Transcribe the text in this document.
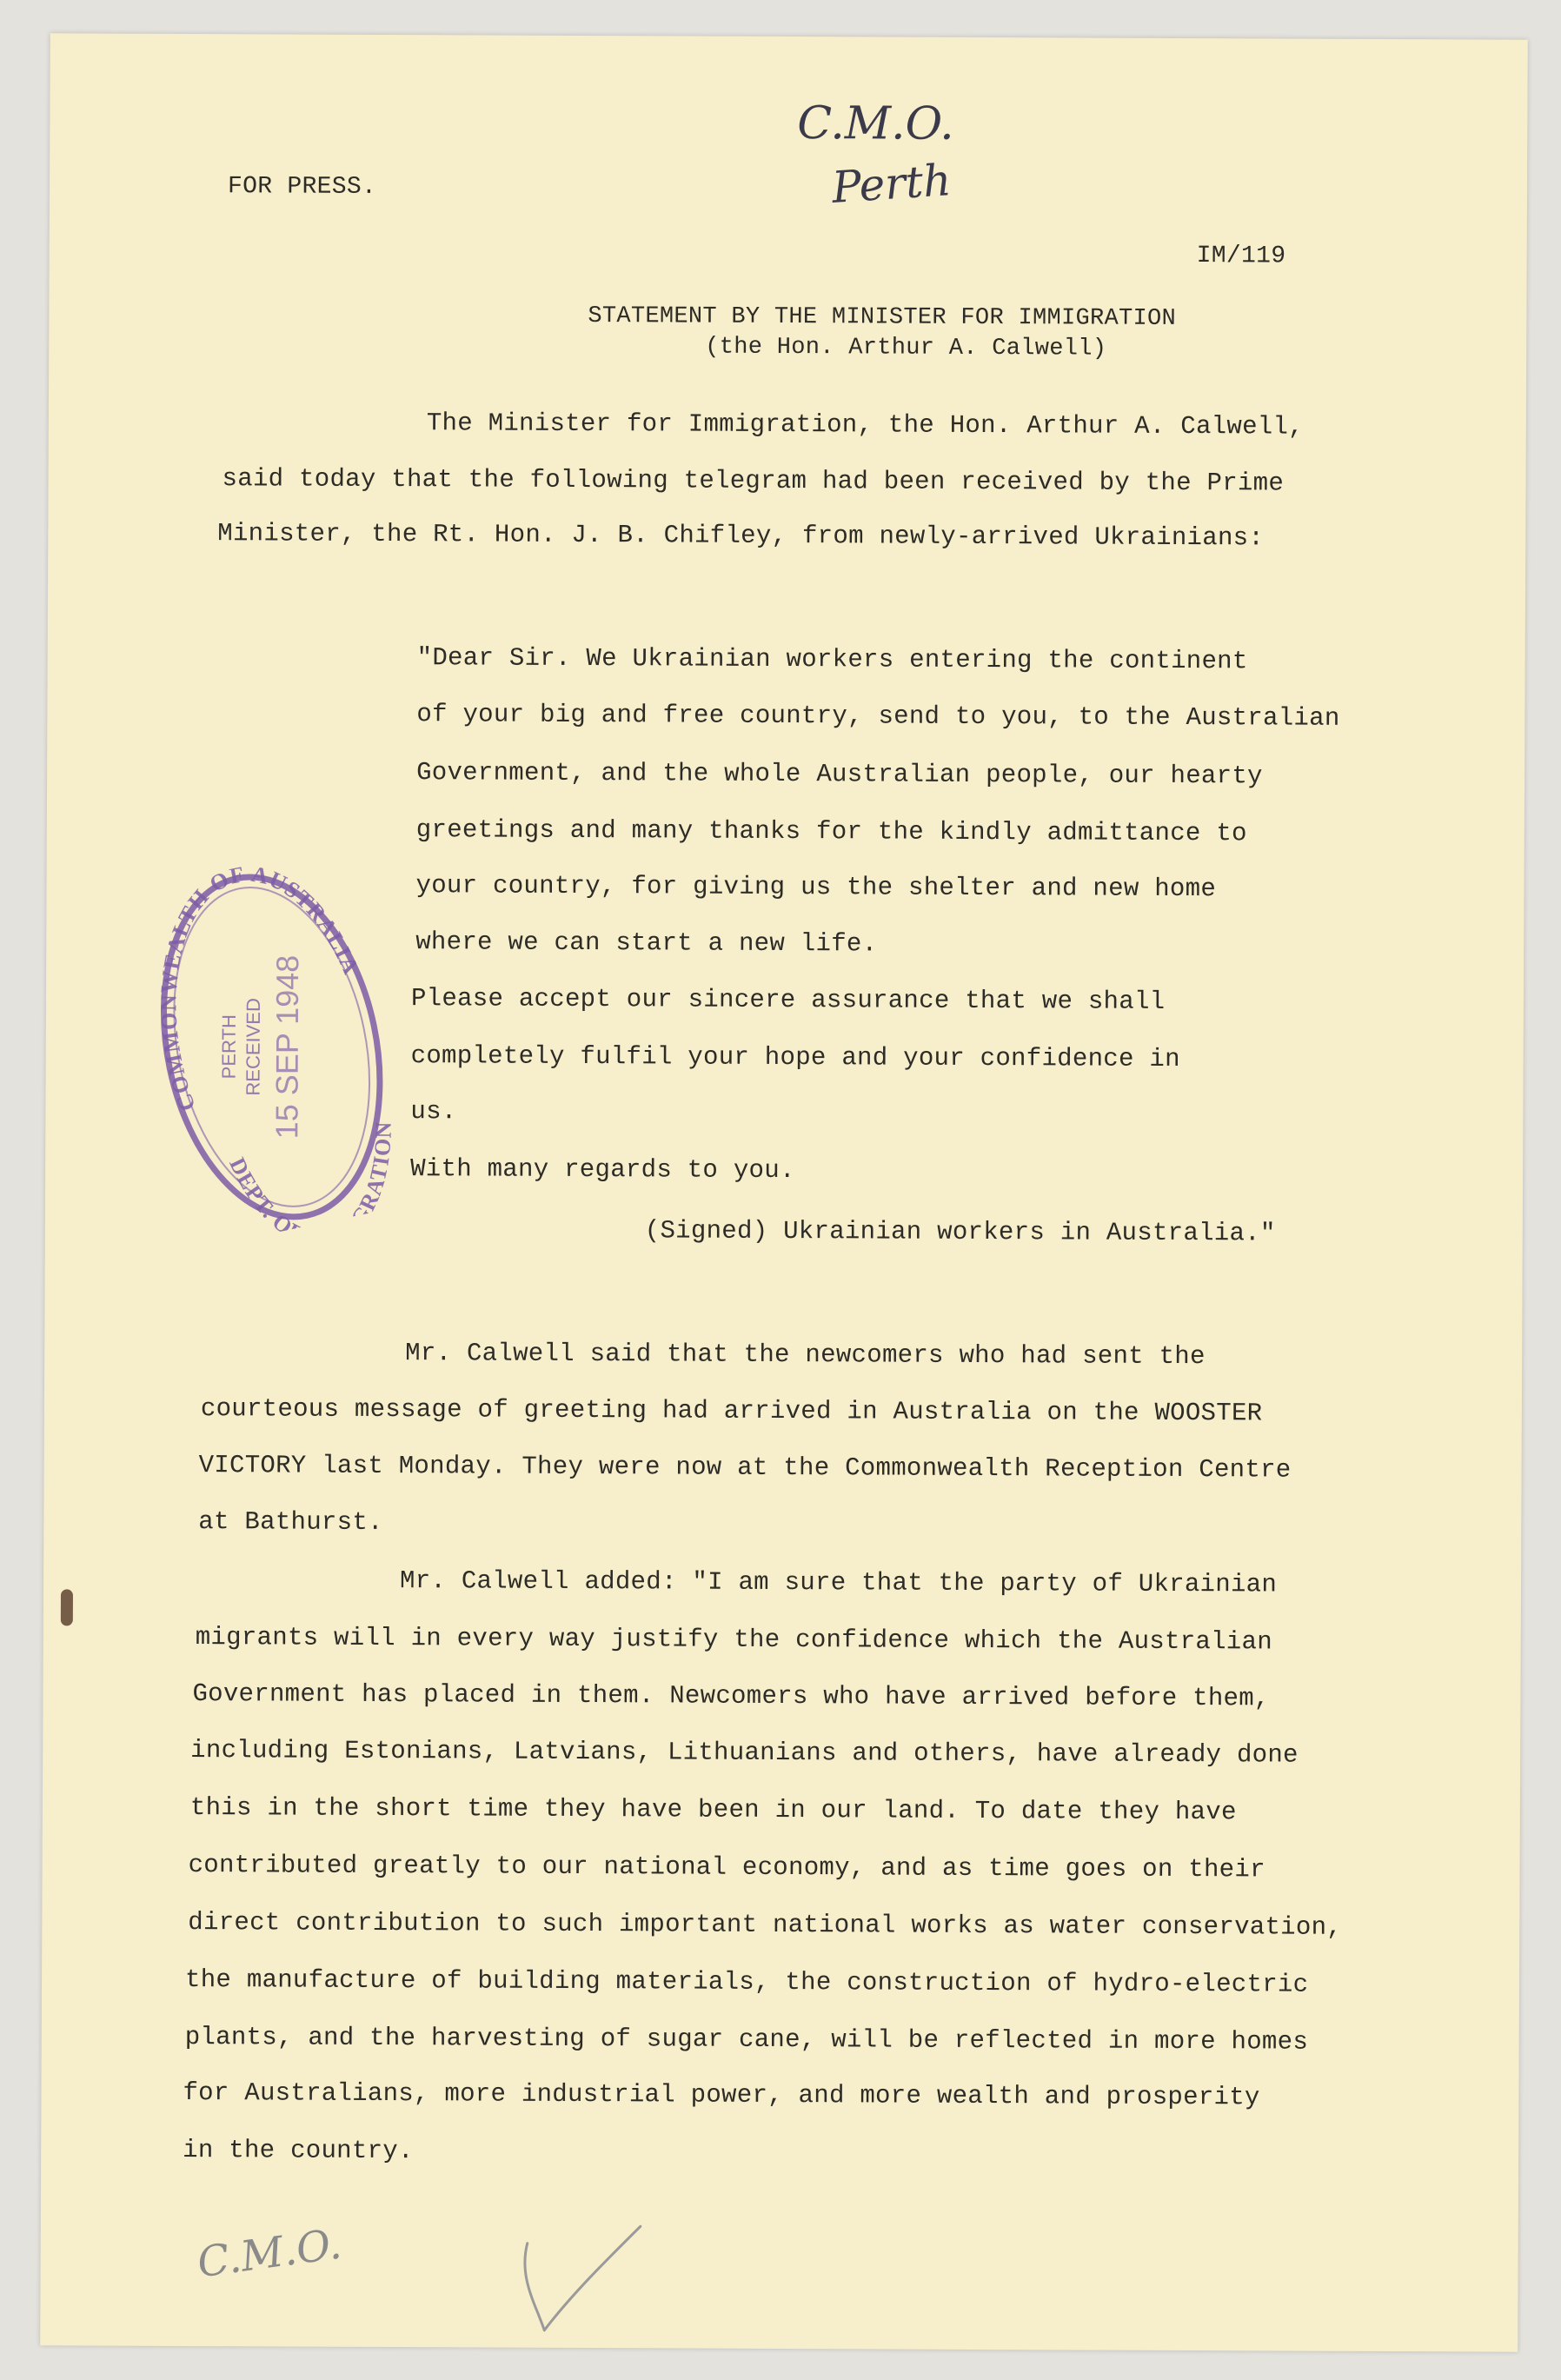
FOR PRESS.
C.M.O.
Perth
IM/119
STATEMENT BY THE MINISTER FOR IMMIGRATION
(the Hon. Arthur A. Calwell)
The Minister for Immigration, the Hon. Arthur A. Calwell,
said today that the following telegram had been received by the Prime
Minister, the Rt. Hon. J. B. Chifley, from newly-arrived Ukrainians:
"Dear Sir. We Ukrainian workers entering the continent
of your big and free country, send to you, to the Australian
Government, and the whole Australian people, our hearty
greetings and many thanks for the kindly admittance to
your country, for giving us the shelter and new home
where we can start a new life.
Please accept our sincere assurance that we shall
completely fulfil your hope and your confidence in
us.
With many regards to you.
(Signed) Ukrainian workers in Australia."
Mr. Calwell said that the newcomers who had sent the
courteous message of greeting had arrived in Australia on the WOOSTER
VICTORY last Monday. They were now at the Commonwealth Reception Centre
at Bathurst.
Mr. Calwell added: "I am sure that the party of Ukrainian
migrants will in every way justify the confidence which the Australian
Government has placed in them. Newcomers who have arrived before them,
including Estonians, Latvians, Lithuanians and others, have already done
this in the short time they have been in our land. To date they have
contributed greatly to our national economy, and as time goes on their
direct contribution to such important national works as water conservation,
the manufacture of building materials, the construction of hydro-electric
plants, and the harvesting of sugar cane, will be reflected in more homes
for Australians, more industrial power, and more wealth and prosperity
in the country.
C.M.O.
COMMONWEALTH OF AUSTRALIA
DEPT. OF IMMIGRATION
PERTH RECEIVED 15 SEP 1948
